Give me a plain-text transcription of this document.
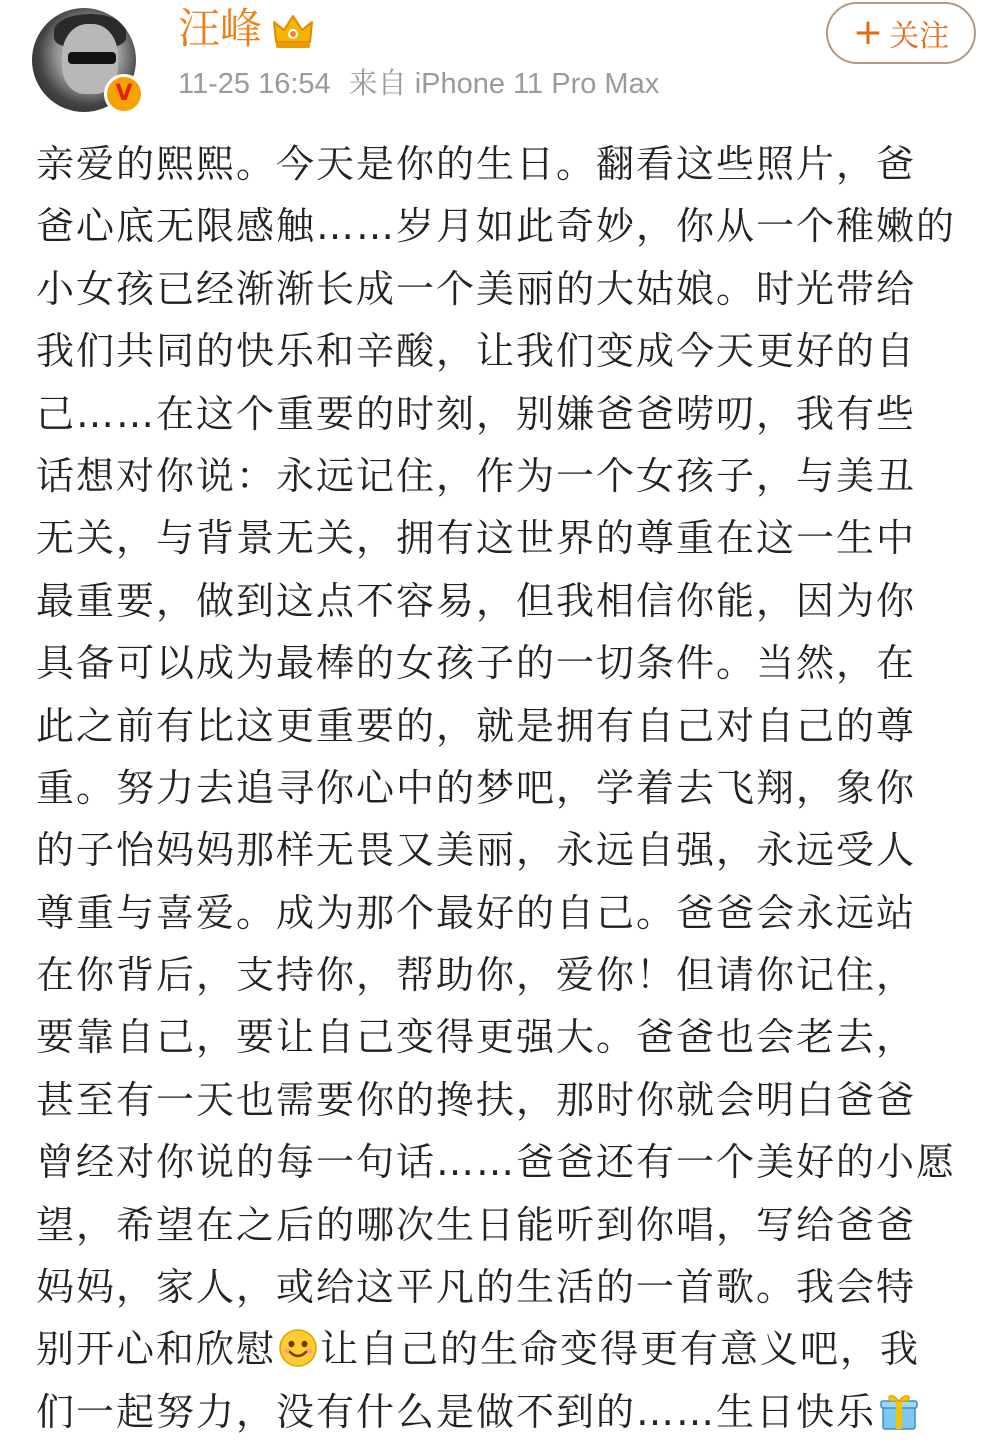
V
汪峰
11-25 16:54 来自 iPhone 11 Pro Max
+ 关注
亲爱的熙熙。今天是你的生日。翻看这些照片，爸
爸心底无限感触……岁月如此奇妙，你从一个稚嫩的
小女孩已经渐渐长成一个美丽的大姑娘。时光带给
我们共同的快乐和辛酸，让我们变成今天更好的自
己……在这个重要的时刻，别嫌爸爸唠叨，我有些
话想对你说：永远记住，作为一个女孩子，与美丑
无关，与背景无关，拥有这世界的尊重在这一生中
最重要，做到这点不容易，但我相信你能，因为你
具备可以成为最棒的女孩子的一切条件。当然，在
此之前有比这更重要的，就是拥有自己对自己的尊
重。努力去追寻你心中的梦吧，学着去飞翔，象你
的子怡妈妈那样无畏又美丽，永远自强，永远受人
尊重与喜爱。成为那个最好的自己。爸爸会永远站
在你背后，支持你，帮助你，爱你！但请你记住，
要靠自己，要让自己变得更强大。爸爸也会老去，
甚至有一天也需要你的搀扶，那时你就会明白爸爸
曾经对你说的每一句话……爸爸还有一个美好的小愿
望，希望在之后的哪次生日能听到你唱，写给爸爸
妈妈，家人，或给这平凡的生活的一首歌。我会特
别开心和欣慰 让自己的生命变得更有意义吧，我
们一起努力，没有什么是做不到的……生日快乐
